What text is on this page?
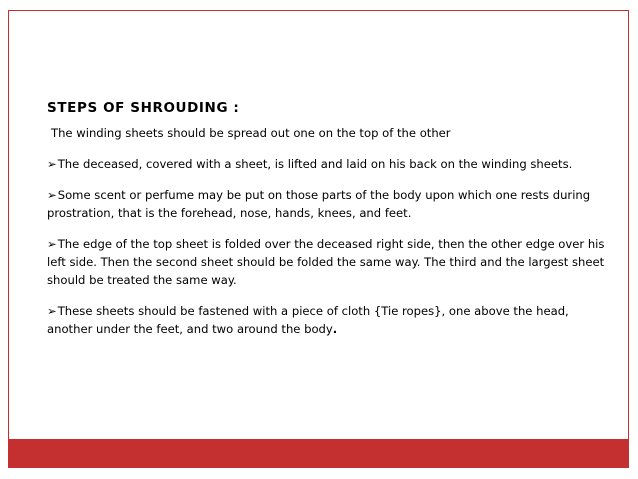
STEPS OF SHROUDING :

The winding sheets should be spread out one on the top of the other

➢The deceased, covered with a sheet, is lifted and laid on his back on the winding sheets.

➢Some scent or perfume may be put on those parts of the body upon which one rests during prostration, that is the forehead, nose, hands, knees, and feet.

➢The edge of the top sheet is folded over the deceased right side, then the other edge over his left side. Then the second sheet should be folded the same way. The third and the largest sheet should be treated the same way.

➢These sheets should be fastened with a piece of cloth {Tie ropes}, one above the head, another under the feet, and two around the body.
